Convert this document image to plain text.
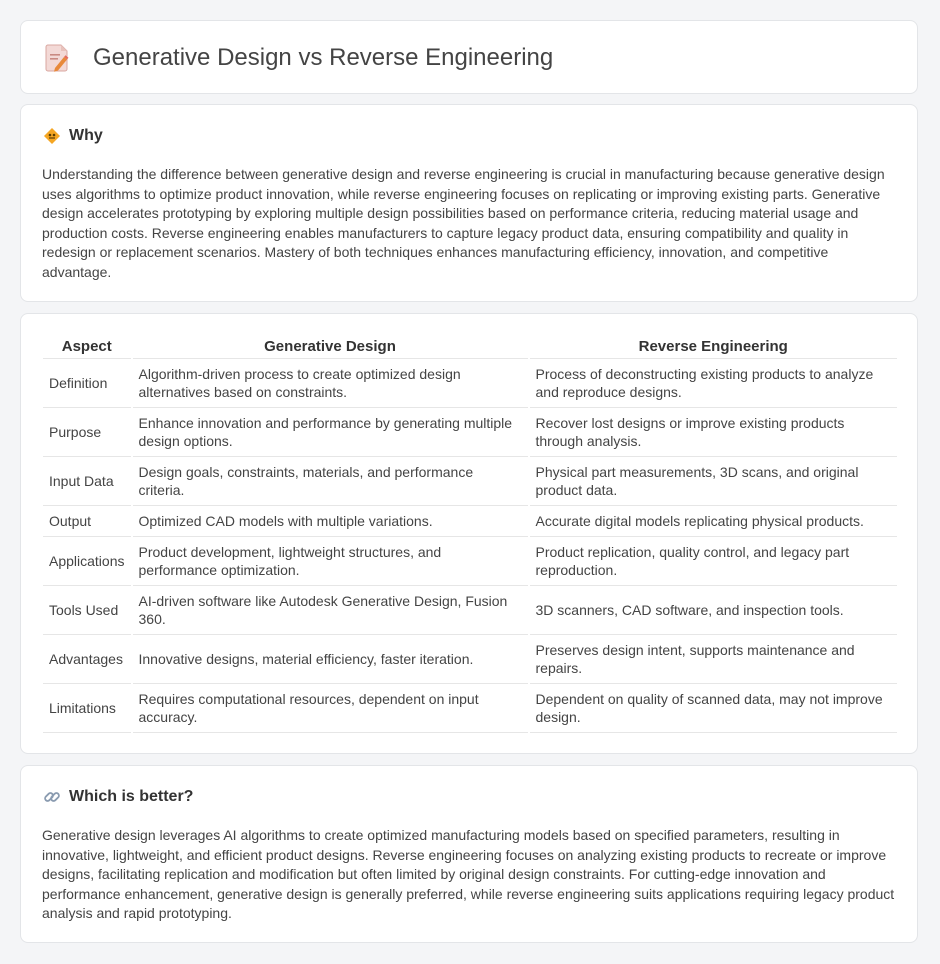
Generative Design vs Reverse Engineering
Why

Understanding the difference between generative design and reverse engineering is crucial in manufacturing because generative design uses algorithms to optimize product innovation, while reverse engineering focuses on replicating or improving existing parts. Generative design accelerates prototyping by exploring multiple design possibilities based on performance criteria, reducing material usage and production costs. Reverse engineering enables manufacturers to capture legacy product data, ensuring compatibility and quality in redesign or replacement scenarios. Mastery of both techniques enhances manufacturing efficiency, innovation, and competitive advantage.

Aspect	Generative Design	Reverse Engineering
Definition	Algorithm-driven process to create optimized design alternatives based on constraints.	Process of deconstructing existing products to analyze and reproduce designs.
Purpose	Enhance innovation and performance by generating multiple design options.	Recover lost designs or improve existing products through analysis.
Input Data	Design goals, constraints, materials, and performance criteria.	Physical part measurements, 3D scans, and original product data.
Output	Optimized CAD models with multiple variations.	Accurate digital models replicating physical products.
Applications	Product development, lightweight structures, and performance optimization.	Product replication, quality control, and legacy part reproduction.
Tools Used	AI-driven software like Autodesk Generative Design, Fusion 360.	3D scanners, CAD software, and inspection tools.
Advantages	Innovative designs, material efficiency, faster iteration.	Preserves design intent, supports maintenance and repairs.
Limitations	Requires computational resources, dependent on input accuracy.	Dependent on quality of scanned data, may not improve design.
Which is better?

Generative design leverages AI algorithms to create optimized manufacturing models based on specified parameters, resulting in innovative, lightweight, and efficient product designs. Reverse engineering focuses on analyzing existing products to recreate or improve designs, facilitating replication and modification but often limited by original design constraints. For cutting-edge innovation and performance enhancement, generative design is generally preferred, while reverse engineering suits applications requiring legacy product analysis and rapid prototyping.
